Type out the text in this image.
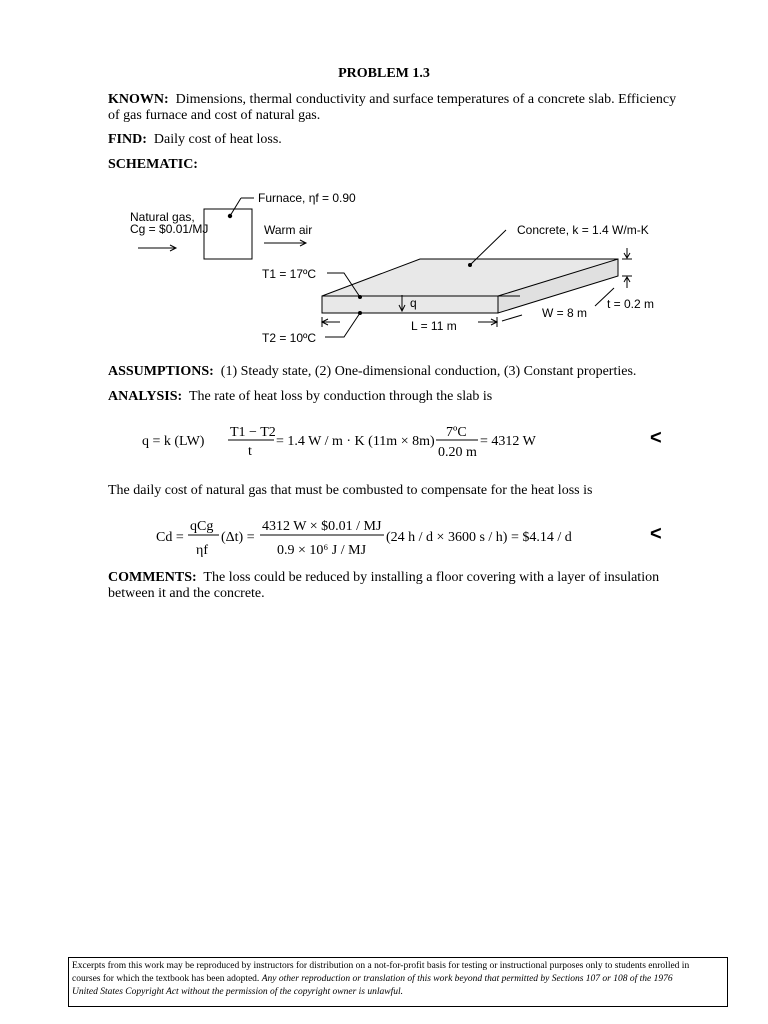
PROBLEM 1.3
KNOWN: Dimensions, thermal conductivity and surface temperatures of a concrete slab. Efficiency
of gas furnace and cost of natural gas.
FIND: Daily cost of heat loss.
SCHEMATIC:
Furnace, ηf = 0.90
Natural gas,
Cg = $0.01/MJ	Warm air	Concrete, k = 1.4 W/m-K
T1 = 17ºC
T2 = 10ºC
q
L = 11 m
W = 8 m
t = 0.2 m
ASSUMPTIONS: (1) Steady state, (2) One-dimensional conduction, (3) Constant properties.
ANALYSIS: The rate of heat loss by conduction through the slab is
q = k (LW)
T1 − T2
t
= 1.4 W / m · K (11m × 8m)
7ºC
0.20 m
= 4312 W	<
The daily cost of natural gas that must be combusted to compensate for the heat loss is
Cd =
qCg
ηf
(Δt) =
4312 W × $0.01 / MJ
0.9 × 10⁶ J / MJ
(24 h / d × 3600 s / h) = $4.14 / d	<
COMMENTS: The loss could be reduced by installing a floor covering with a layer of insulation
between it and the concrete.
Excerpts from this work may be reproduced by instructors for distribution on a not-for-profit basis for testing or instructional purposes only to students enrolled in
courses for which the textbook has been adopted. Any other reproduction or translation of this work beyond that permitted by Sections 107 or 108 of the 1976
United States Copyright Act without the permission of the copyright owner is unlawful.
